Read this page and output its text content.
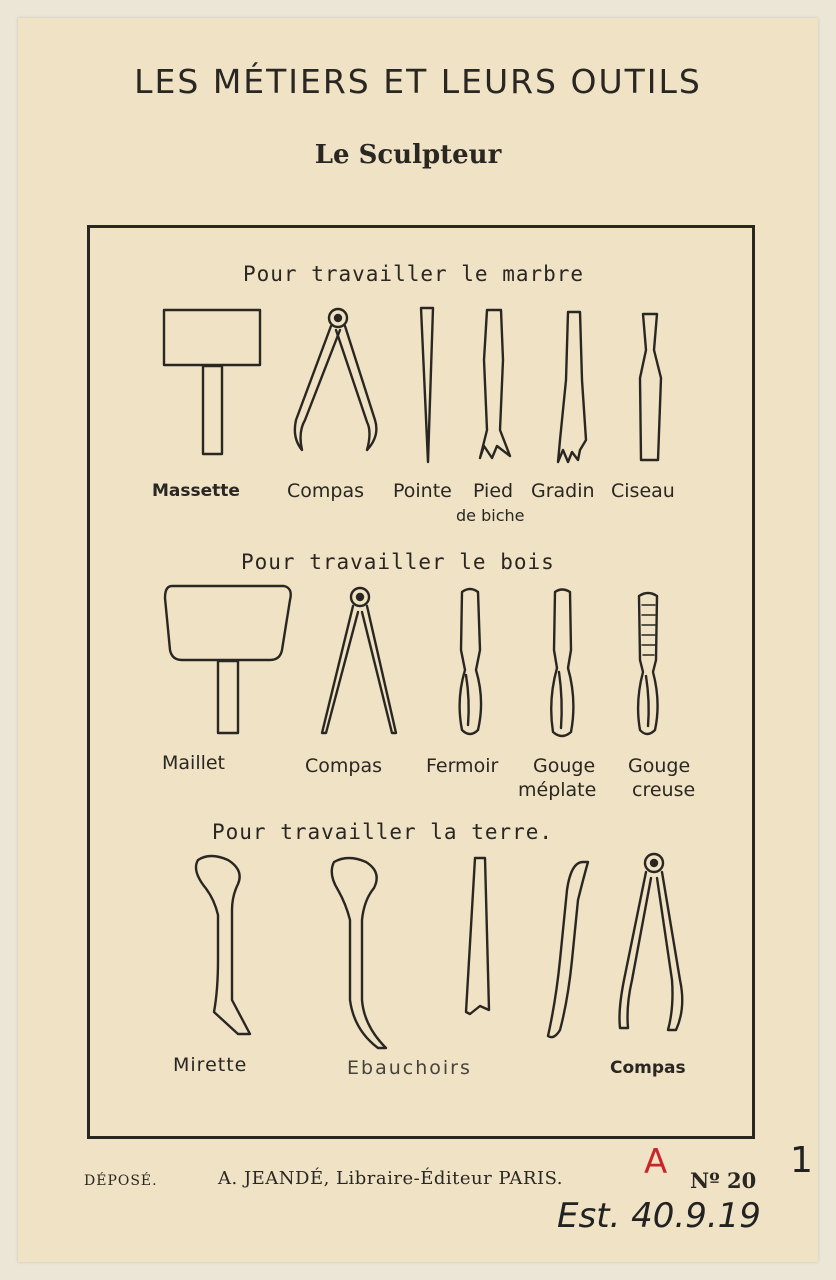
LES MÉTIERS ET LEURS OUTILS
Le Sculpteur
Pour travailler le marbre
Pour travailler le bois
Pour travailler la terre.
Massette Compas Pointe Pied
de biche
Gradin Ciseau
Maillet	Compas Fermoir Gouge
méplate
Gouge
creuse
Mirette	Ebauchoirs	Compas
DÉPOSÉ.	A. JEANDÉ, Libraire-Éditeur PARIS.	Nº 20
A	1
Est. 40.9.19
